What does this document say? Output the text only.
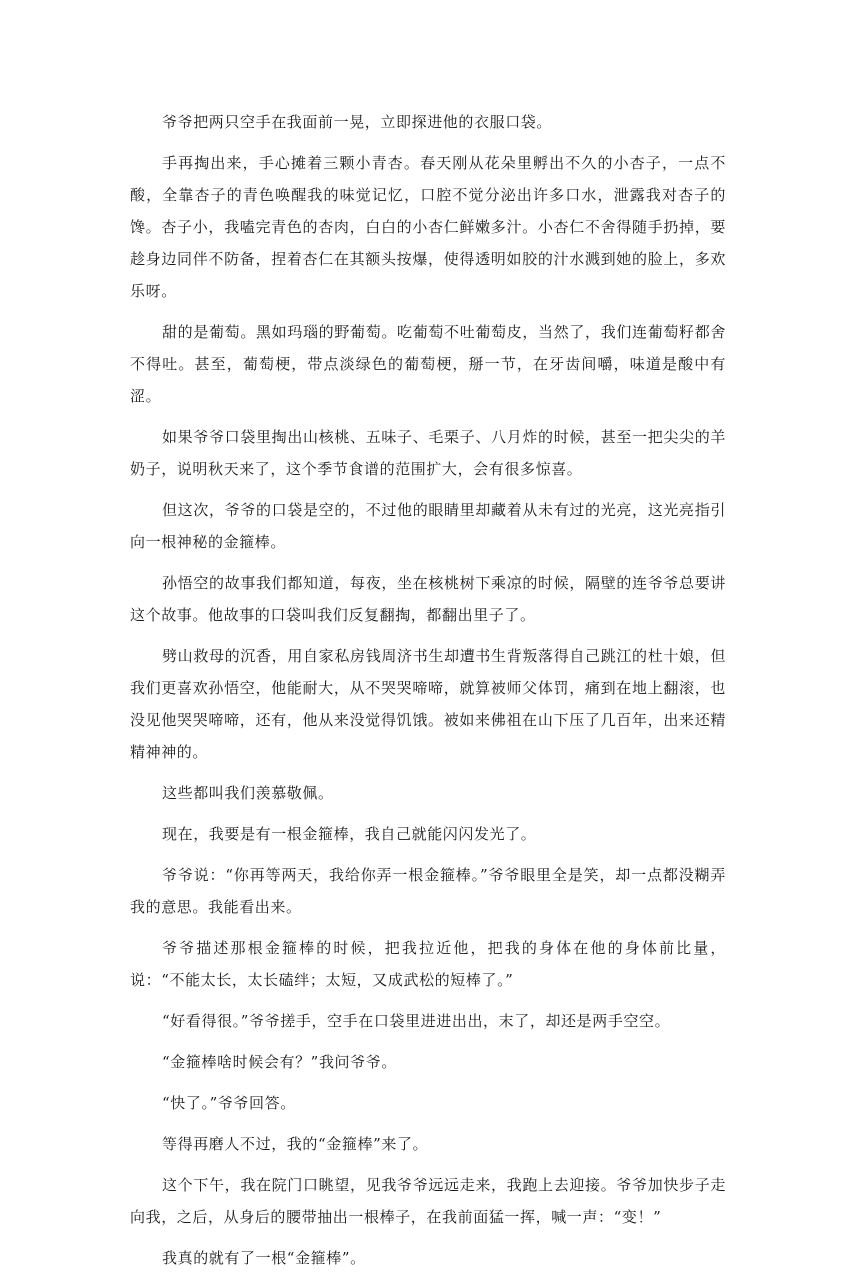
爷爷把两只空手在我面前一晃，立即探进他的衣服口袋。

手再掏出来，手心摊着三颗小青杏。春天刚从花朵里孵出不久的小杏子，一点不酸，全靠杏子的青色唤醒我的味觉记忆，口腔不觉分泌出许多口水，泄露我对杏子的馋。杏子小，我嗑完青色的杏肉，白白的小杏仁鲜嫩多汁。小杏仁不舍得随手扔掉，要趁身边同伴不防备，捏着杏仁在其额头按爆，使得透明如胶的汁水溅到她的脸上，多欢乐呀。

甜的是葡萄。黑如玛瑙的野葡萄。吃葡萄不吐葡萄皮，当然了，我们连葡萄籽都舍不得吐。甚至，葡萄梗，带点淡绿色的葡萄梗，掰一节，在牙齿间嚼，味道是酸中有涩。

如果爷爷口袋里掏出山核桃、五味子、毛栗子、八月炸的时候，甚至一把尖尖的羊奶子，说明秋天来了，这个季节食谱的范围扩大，会有很多惊喜。

但这次，爷爷的口袋是空的，不过他的眼睛里却藏着从未有过的光亮，这光亮指引向一根神秘的金箍棒。

孙悟空的故事我们都知道，每夜，坐在核桃树下乘凉的时候，隔壁的连爷爷总要讲这个故事。他故事的口袋叫我们反复翻掏，都翻出里子了。

劈山救母的沉香，用自家私房钱周济书生却遭书生背叛落得自己跳江的杜十娘，但我们更喜欢孙悟空，他能耐大，从不哭哭啼啼，就算被师父体罚，痛到在地上翻滚，也没见他哭哭啼啼，还有，他从来没觉得饥饿。被如来佛祖在山下压了几百年，出来还精精神神的。

这些都叫我们羡慕敬佩。

现在，我要是有一根金箍棒，我自己就能闪闪发光了。

爷爷说：“你再等两天，我给你弄一根金箍棒。”爷爷眼里全是笑，却一点都没糊弄我的意思。我能看出来。

爷爷描述那根金箍棒的时候，把我拉近他，把我的身体在他的身体前比量，说：“不能太长，太长磕绊；太短，又成武松的短棒了。”

“好看得很。”爷爷搓手，空手在口袋里进进出出，末了，却还是两手空空。

“金箍棒啥时候会有？”我问爷爷。

“快了。”爷爷回答。

等得再磨人不过，我的“金箍棒”来了。

这个下午，我在院门口眺望，见我爷爷远远走来，我跑上去迎接。爷爷加快步子走向我，之后，从身后的腰带抽出一根棒子，在我前面猛一挥，喊一声：“变！”

我真的就有了一根“金箍棒”。
